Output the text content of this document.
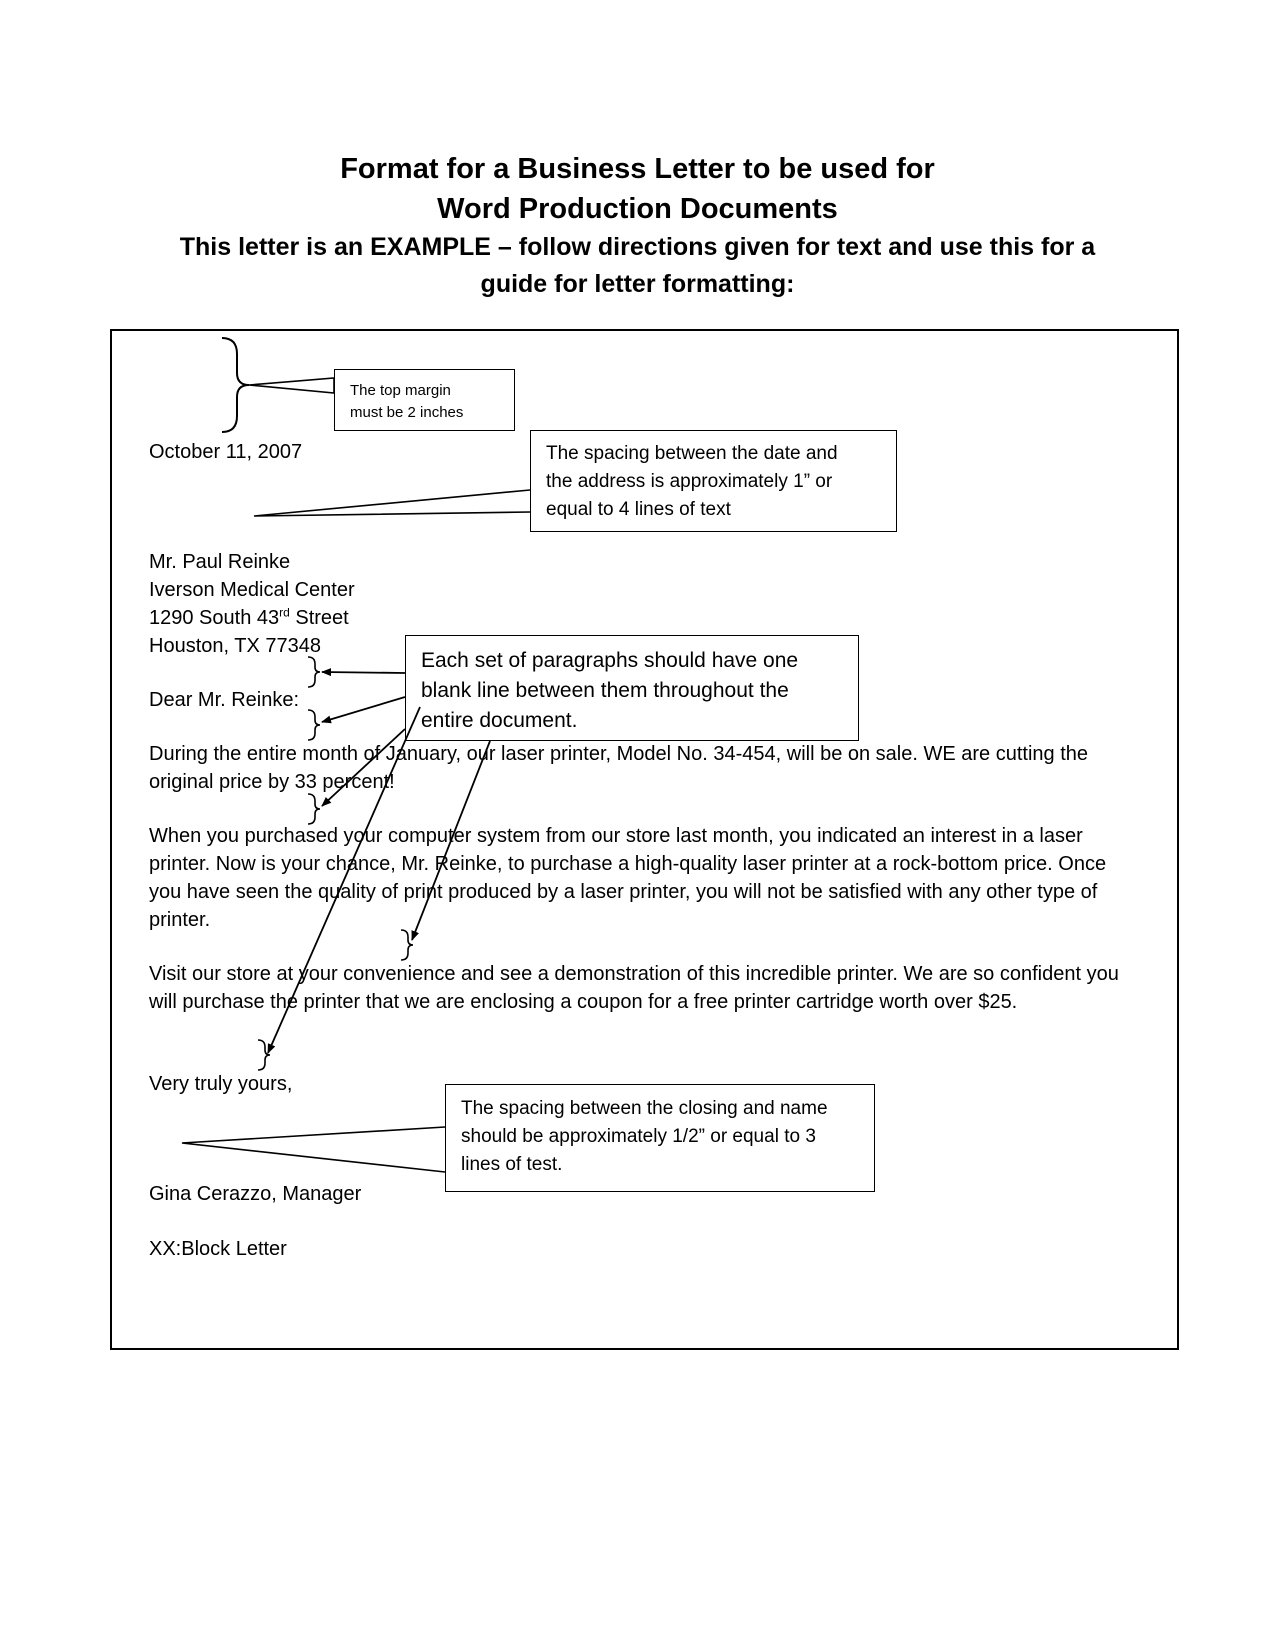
Format for a Business Letter to be used for
Word Production Documents
This letter is an EXAMPLE – follow directions given for text and use this for a
guide for letter formatting:
October 11, 2007
Mr. Paul Reinke
Iverson Medical Center
1290 South 43rd Street
Houston, TX 77348
Dear Mr. Reinke:
During the entire month of January, our laser printer, Model No. 34-454, will be on sale. WE are cutting the original price by 33 percent!
When you purchased your computer system from our store last month, you indicated an interest in a laser printer. Now is your chance, Mr. Reinke, to purchase a high-quality laser printer at a rock-bottom price. Once you have seen the quality of print produced by a laser printer, you will not be satisfied with any other type of printer.
Visit our store at your convenience and see a demonstration of this incredible printer. We are so confident you will purchase the printer that we are enclosing a coupon for a free printer cartridge worth over $25.
Very truly yours,
Gina Cerazzo, Manager
XX:Block Letter
The top margin
must be 2 inches
The spacing between the date and
the address is approximately 1” or
equal to 4 lines of text
Each set of paragraphs should have one
blank line between them throughout the
entire document.
The spacing between the closing and name
should be approximately 1/2” or equal to 3
lines of test.
